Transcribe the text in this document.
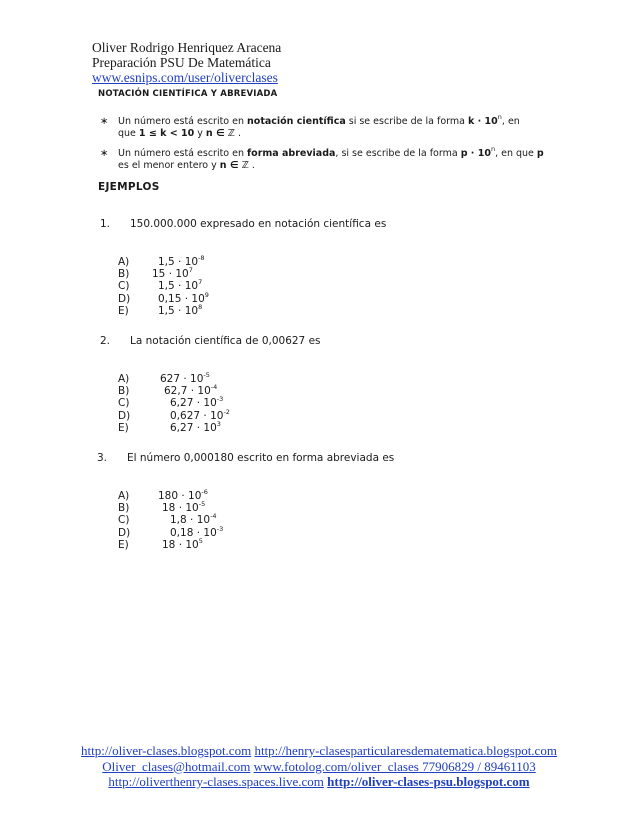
Oliver Rodrigo Henriquez Aracena
Preparación PSU De Matemática
www.esnips.com/user/oliverclases
NOTACIÓN CIENTÍFICA Y ABREVIADA
∗ Un número está escrito en notación científica si se escribe de la forma $k \cdot 10^n$, en
que 1 ≤ k < 10 y n ∈ ℤ .
∗ Un número está escrito en forma abreviada, si se escribe de la forma $p \cdot 10^n$, en que p
es el menor entero y n ∈ ℤ .
EJEMPLOS
1. 150.000.000 expresado en notación científica es
A)	$1,5 \cdot 10^{-8}$
B) $15 \cdot 10^7$
C)	$1,5 \cdot 10^7$
D)	$0,15 \cdot 10^9$
E)	$1,5 \cdot 10^8$
2. La notación científica de 0,00627 es
A)	$627 \cdot 10^{-5}$
B)	$62,7 \cdot 10^{-4}$
C)	$6,27 \cdot 10^{-3}$
D)	$0,627 \cdot 10^{-2}$
E)	$6,27 \cdot 10^3$
3. El número 0,000180 escrito en forma abreviada es
A)	$180 \cdot 10^{-6}$
B)	$18 \cdot 10^{-5}$
C)	$1,8 \cdot 10^{-4}$
D)	$0,18 \cdot 10^{-3}$
E)	$18 \cdot 10^5$
http://oliver-clases.blogspot.com http://henry-clasesparticularesdematematica.blogspot.com
Oliver_clases@hotmail.com www.fotolog.com/oliver_clases 77906829 / 89461103
http://oliverthenry-clases.spaces.live.com http://oliver-clases-psu.blogspot.com
